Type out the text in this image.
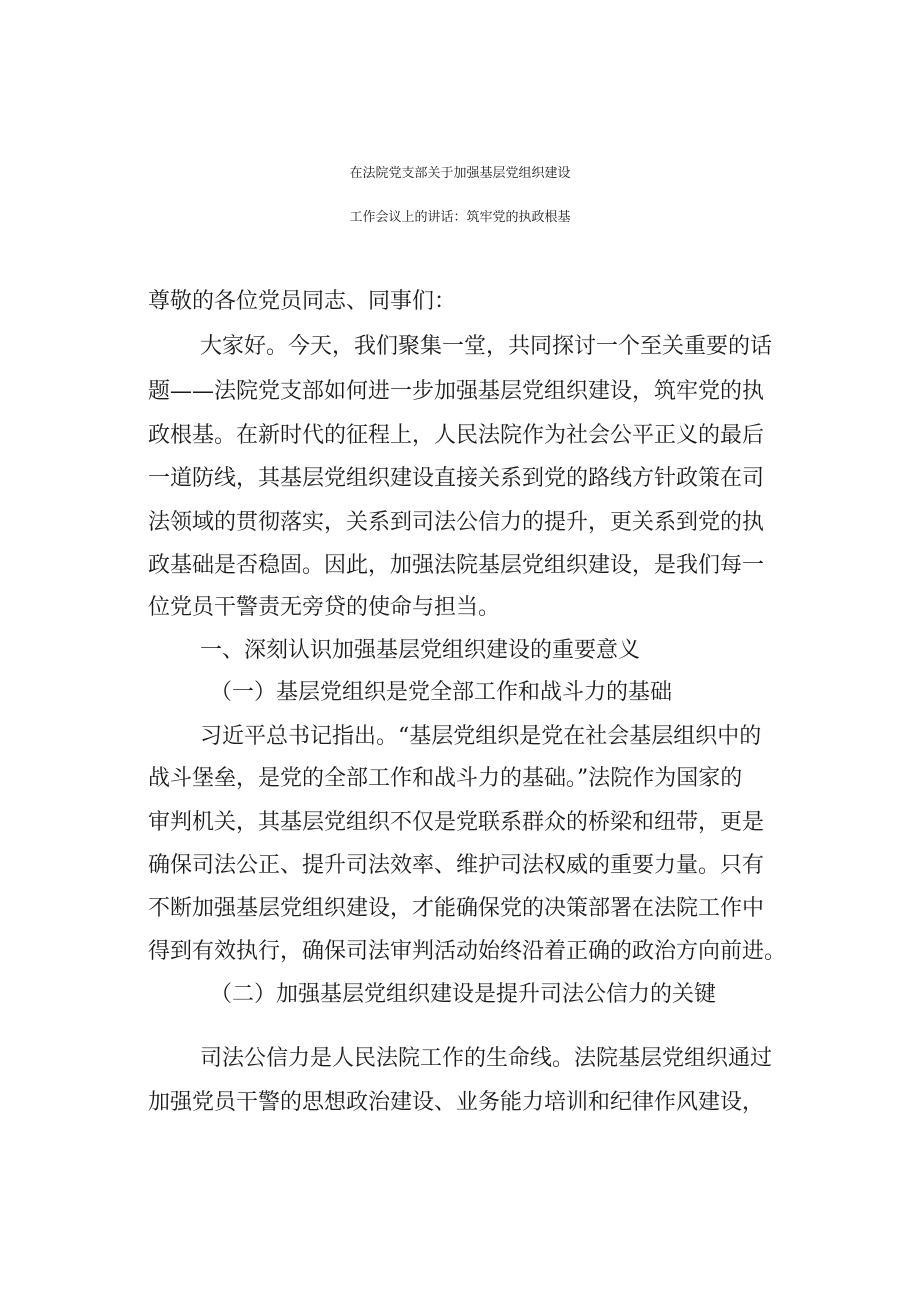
在法院党支部关于加强基层党组织建设
工作会议上的讲话：筑牢党的执政根基
尊敬的各位党员同志、同事们：
大家好。今天，我们聚集一堂，共同探讨一个至关重要的话
题——法院党支部如何进一步加强基层党组织建设，筑牢党的执
政根基。在新时代的征程上，人民法院作为社会公平正义的最后
一道防线，其基层党组织建设直接关系到党的路线方针政策在司
法领域的贯彻落实，关系到司法公信力的提升，更关系到党的执
政基础是否稳固。因此，加强法院基层党组织建设，是我们每一
位党员干警责无旁贷的使命与担当。
一、深刻认识加强基层党组织建设的重要意义
（一）基层党组织是党全部工作和战斗力的基础
习近平总书记指出。“基层党组织是党在社会基层组织中的
战斗堡垒，是党的全部工作和战斗力的基础。”法院作为国家的
审判机关，其基层党组织不仅是党联系群众的桥梁和纽带，更是
确保司法公正、提升司法效率、维护司法权威的重要力量。只有
不断加强基层党组织建设，才能确保党的决策部署在法院工作中
得到有效执行，确保司法审判活动始终沿着正确的政治方向前进。
（二）加强基层党组织建设是提升司法公信力的关键
司法公信力是人民法院工作的生命线。法院基层党组织通过
加强党员干警的思想政治建设、业务能力培训和纪律作风建设，
